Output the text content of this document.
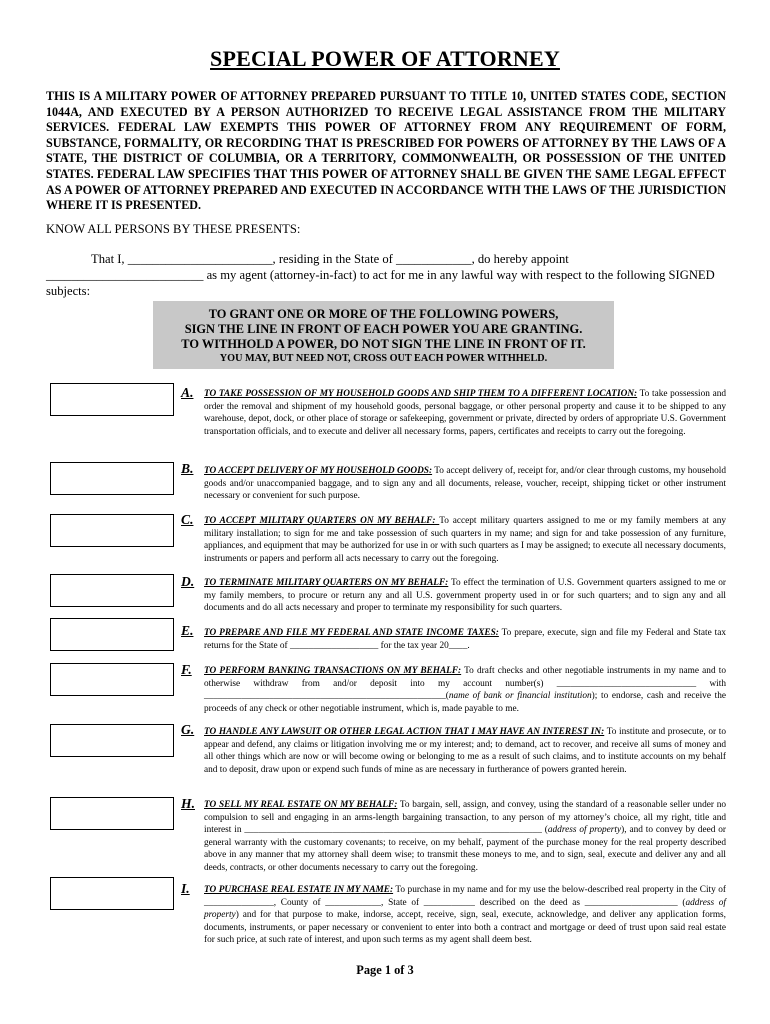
SPECIAL POWER OF ATTORNEY
THIS IS A MILITARY POWER OF ATTORNEY PREPARED PURSUANT TO TITLE 10, UNITED STATES CODE, SECTION 1044A, AND EXECUTED BY A PERSON AUTHORIZED TO RECEIVE LEGAL ASSISTANCE FROM THE MILITARY SERVICES. FEDERAL LAW EXEMPTS THIS POWER OF ATTORNEY FROM ANY REQUIREMENT OF FORM, SUBSTANCE, FORMALITY, OR RECORDING THAT IS PRESCRIBED FOR POWERS OF ATTORNEY BY THE LAWS OF A STATE, THE DISTRICT OF COLUMBIA, OR A TERRITORY, COMMONWEALTH, OR POSSESSION OF THE UNITED STATES. FEDERAL LAW SPECIFIES THAT THIS POWER OF ATTORNEY SHALL BE GIVEN THE SAME LEGAL EFFECT AS A POWER OF ATTORNEY PREPARED AND EXECUTED IN ACCORDANCE WITH THE LAWS OF THE JURISDICTION WHERE IT IS PRESENTED.
KNOW ALL PERSONS BY THESE PRESENTS:
That I, _______________________, residing in the State of ____________, do hereby appoint
_________________________ as my agent (attorney-in-fact) to act for me in any lawful way with respect to the following SIGNED subjects:
TO GRANT ONE OR MORE OF THE FOLLOWING POWERS,
SIGN THE LINE IN FRONT OF EACH POWER YOU ARE GRANTING.
TO WITHHOLD A POWER, DO NOT SIGN THE LINE IN FRONT OF IT.
YOU MAY, BUT NEED NOT, CROSS OUT EACH POWER WITHHELD.
A. TO TAKE POSSESSION OF MY HOUSEHOLD GOODS AND SHIP THEM TO A DIFFERENT LOCATION: To take possession and order the removal and shipment of my household goods, personal baggage, or other personal property and cause it to be shipped to any warehouse, depot, dock, or other place of storage or safekeeping, government or private, directed by orders of appropriate U.S. Government transportation officials, and to execute and deliver all necessary forms, papers, certificates and receipts to carry out the foregoing.
B. TO ACCEPT DELIVERY OF MY HOUSEHOLD GOODS: To accept delivery of, receipt for, and/or clear through customs, my household goods and/or unaccompanied baggage, and to sign any and all documents, release, voucher, receipt, shipping ticket or other instrument necessary or convenient for such purpose.
C. TO ACCEPT MILITARY QUARTERS ON MY BEHALF: To accept military quarters assigned to me or my family members at any military installation; to sign for me and take possession of such quarters in my name; and sign for and take possession of any furniture, appliances, and equipment that may be authorized for use in or with such quarters as I may be assigned; to execute all necessary documents, instruments or papers and perform all acts necessary to carry out the foregoing.
D. TO TERMINATE MILITARY QUARTERS ON MY BEHALF: To effect the termination of U.S. Government quarters assigned to me or my family members, to procure or return any and all U.S. government property used in or for such quarters; and to sign any and all documents and do all acts necessary and proper to terminate my responsibility for such quarters.
E. TO PREPARE AND FILE MY FEDERAL AND STATE INCOME TAXES: To prepare, execute, sign and file my Federal and State tax returns for the State of ___________________ for the tax year 20____.
F. TO PERFORM BANKING TRANSACTIONS ON MY BEHALF: To draft checks and other negotiable instruments in my name and to otherwise withdraw from and/or deposit into my account number(s) ______________________________ with ____________________________________________________(name of bank or financial institution); to endorse, cash and receive the proceeds of any check or other negotiable instrument, which is, made payable to me.
G. TO HANDLE ANY LAWSUIT OR OTHER LEGAL ACTION THAT I MAY HAVE AN INTEREST IN: To institute and prosecute, or to appear and defend, any claims or litigation involving me or my interest; and; to demand, act to recover, and receive all sums of money and all other things which are now or will become owing or belonging to me as a result of such claims, and to institute accounts on my behalf and to deposit, draw upon or expend such funds of mine as are necessary in furtherance of powers granted herein.
H. TO SELL MY REAL ESTATE ON MY BEHALF: To bargain, sell, assign, and convey, using the standard of a reasonable seller under no compulsion to sell and engaging in an arms-length bargaining transaction, to any person of my attorney’s choice, all my right, title and interest in ________________________________________________________________ (address of property), and to convey by deed or general warranty with the customary covenants; to receive, on my behalf, payment of the purchase money for the real property described above in any manner that my attorney shall deem wise; to transmit these moneys to me, and to sign, seal, execute and deliver any and all deeds, contracts, or other documents necessary to carry out the foregoing.
I. TO PURCHASE REAL ESTATE IN MY NAME: To purchase in my name and for my use the below-described real property in the City of _______________, County of ____________, State of ___________ described on the deed as ____________________ (address of property) and for that purpose to make, indorse, accept, receive, sign, seal, execute, acknowledge, and deliver any application forms, documents, instruments, or paper necessary or convenient to enter into both a contract and mortgage or deed of trust upon said real estate for such price, at such rate of interest, and upon such terms as my agent shall deem best.
Page 1 of 3
